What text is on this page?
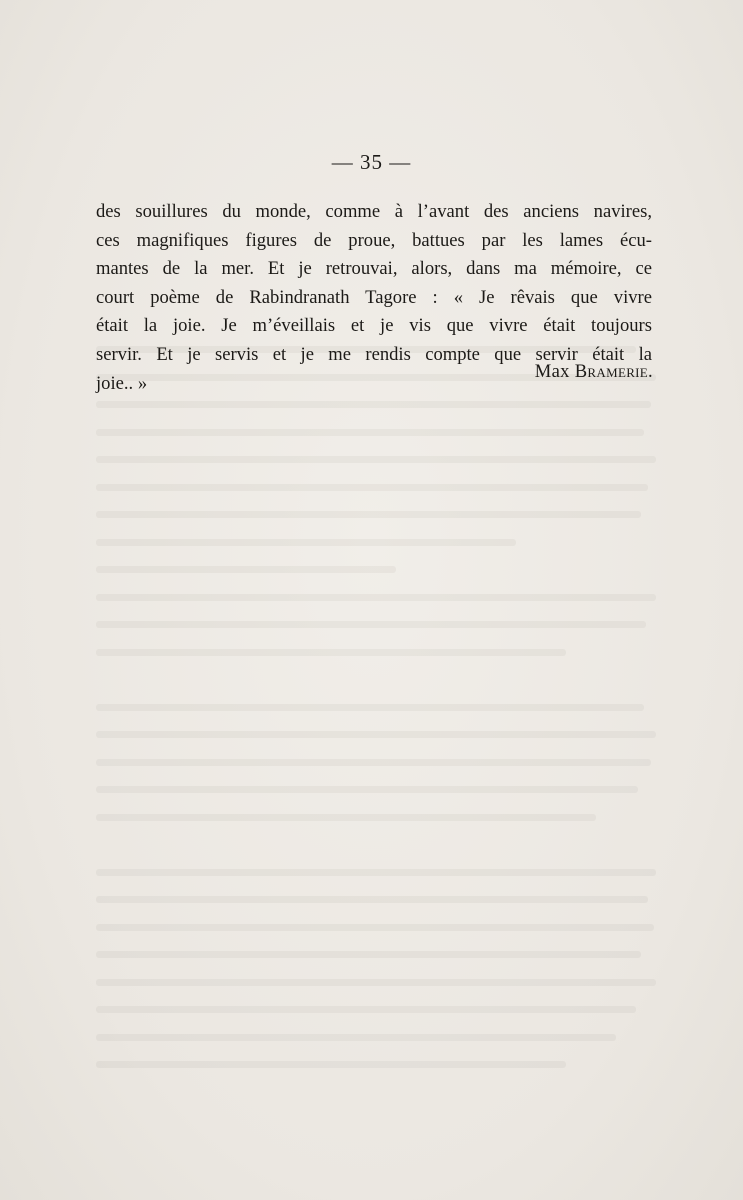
— 35 —
des souillures du monde, comme à l’avant des anciens navires,
ces magnifiques figures de proue, battues par les lames écu-
mantes de la mer. Et je retrouvai, alors, dans ma mémoire, ce
court poème de Rabindranath Tagore : « Je rêvais que vivre
était la joie. Je m’éveillais et je vis que vivre était toujours
servir. Et je servis et je me rendis compte que servir était la
joie.. »
Max Bramerie.
